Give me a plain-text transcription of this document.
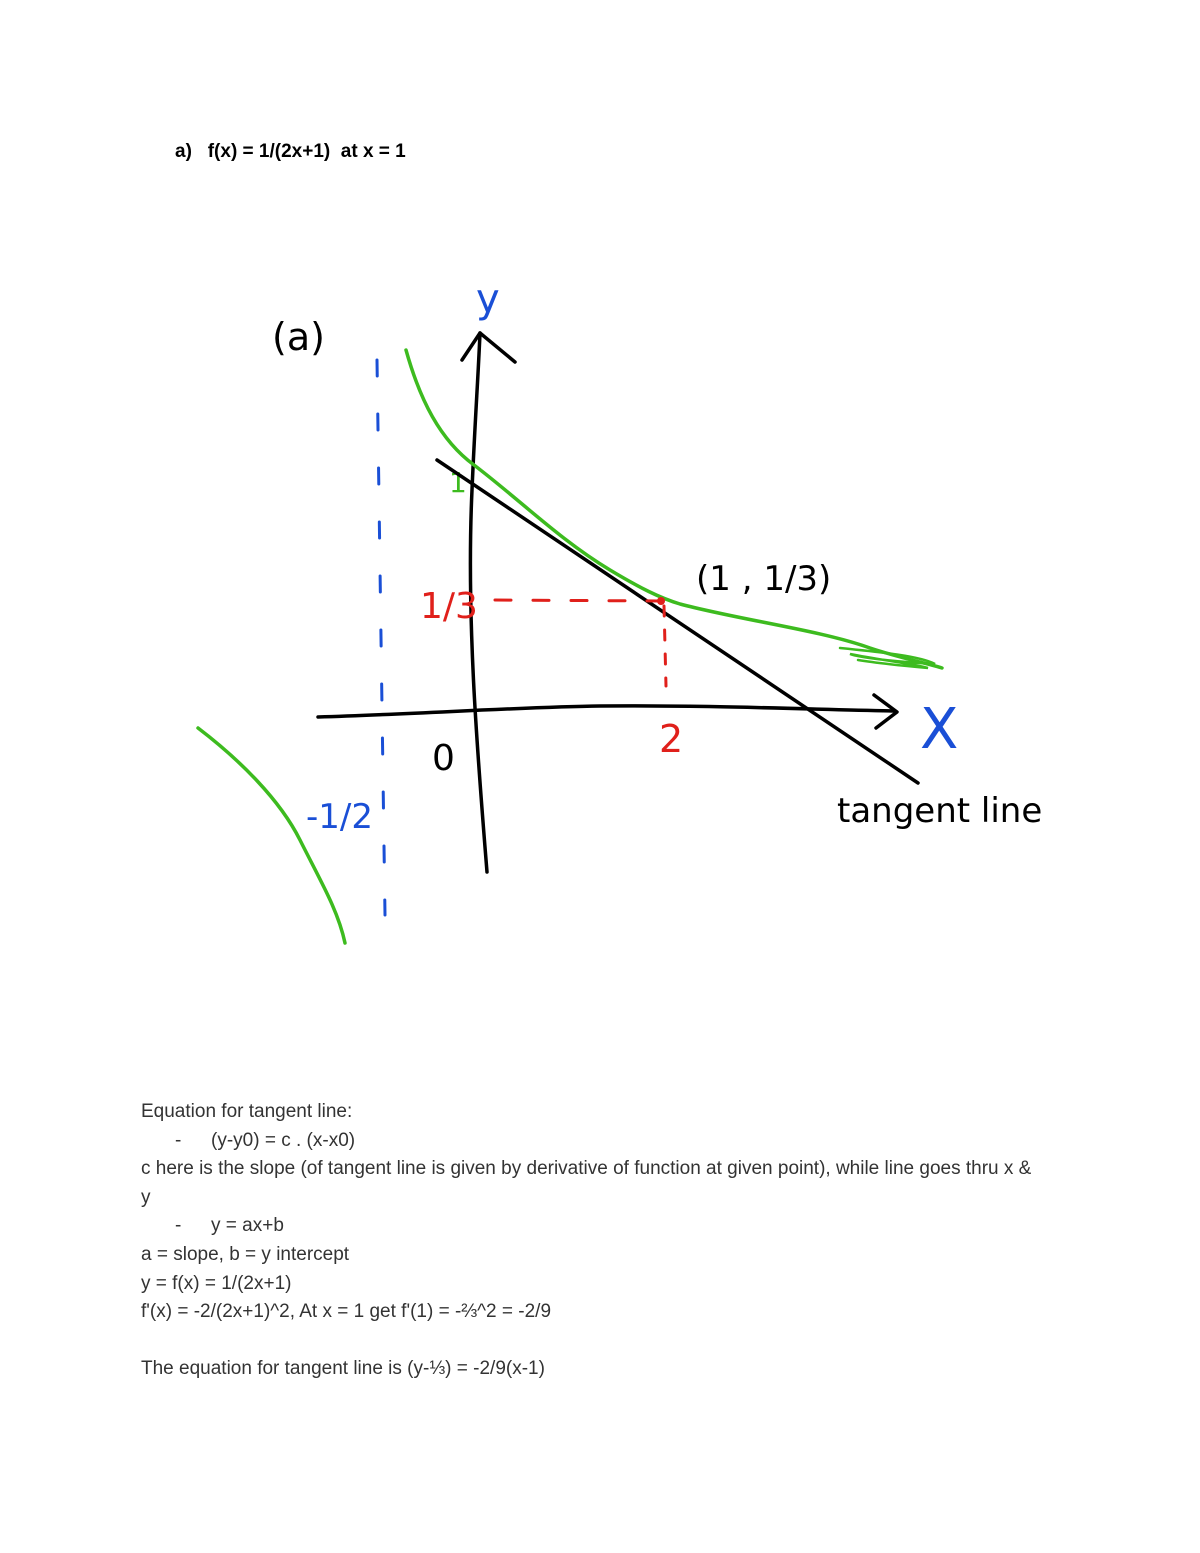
a)   f(x) = 1/(2x+1)  at x = 1
(a)
-1/2
y
X
0
1
tangent line
1/3
2
(1 , 1/3)
Equation for tangent line:
- (y-y0) = c . (x-x0)
c here is the slope (of tangent line is given by derivative of function at given point), while line goes thru x & y
- y = ax+b
a = slope, b = y intercept
y = f(x) = 1/(2x+1)
f'(x) = -2/(2x+1)^2, At x = 1 get f'(1) = -⅔^2 = -2/9
The equation for tangent line is (y-⅓) = -2/9(x-1)
